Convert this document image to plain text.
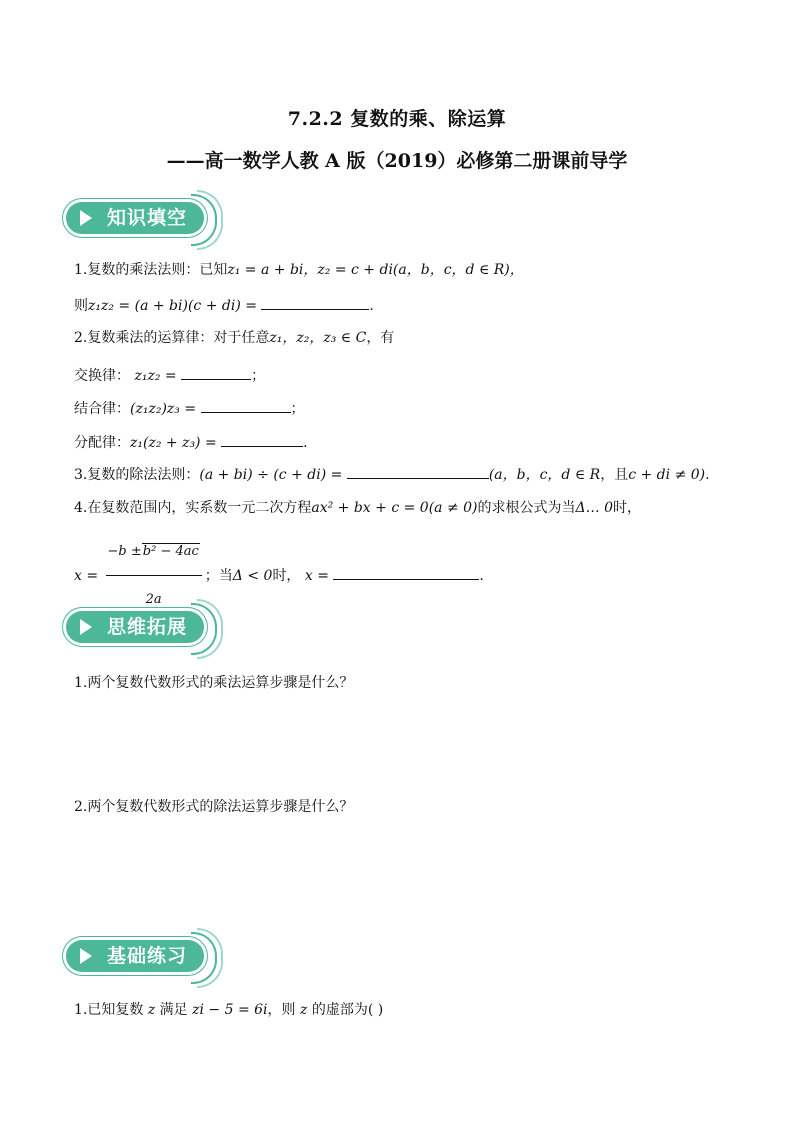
7.2.2 复数的乘、除运算
——高一数学人教 A 版（2019）必修第二册课前导学
知识填空
1.复数的乘法法则：已知z₁ = a + bi，z₂ = c + di(a，b，c，d ∈ R)，
则z₁z₂ = (a + bi)(c + di) =	.
2.复数乘法的运算律：对于任意z₁，z₂，z₃ ∈ C，有
交换律： z₁z₂ =	；
结合律：(z₁z₂)z₃ =	；
分配律：z₁(z₂ + z₃) =	.
3.复数的除法法则：(a + bi) ÷ (c + di) =	(a，b，c，d ∈ R，且c + di ≠ 0).
4.在复数范围内，实系数一元二次方程ax² + bx + c = 0(a ≠ 0)的求根公式为当Δ… 0时，
$x = \frac{\text{−b ±b² − 4ac}}{2a}$ ；当Δ < 0时， x =	.
思维拓展
1.两个复数代数形式的乘法运算步骤是什么？
2.两个复数代数形式的除法运算步骤是什么？
基础练习
1.已知复数 z 满足 zi − 5 = 6i，则 z 的虚部为( )
